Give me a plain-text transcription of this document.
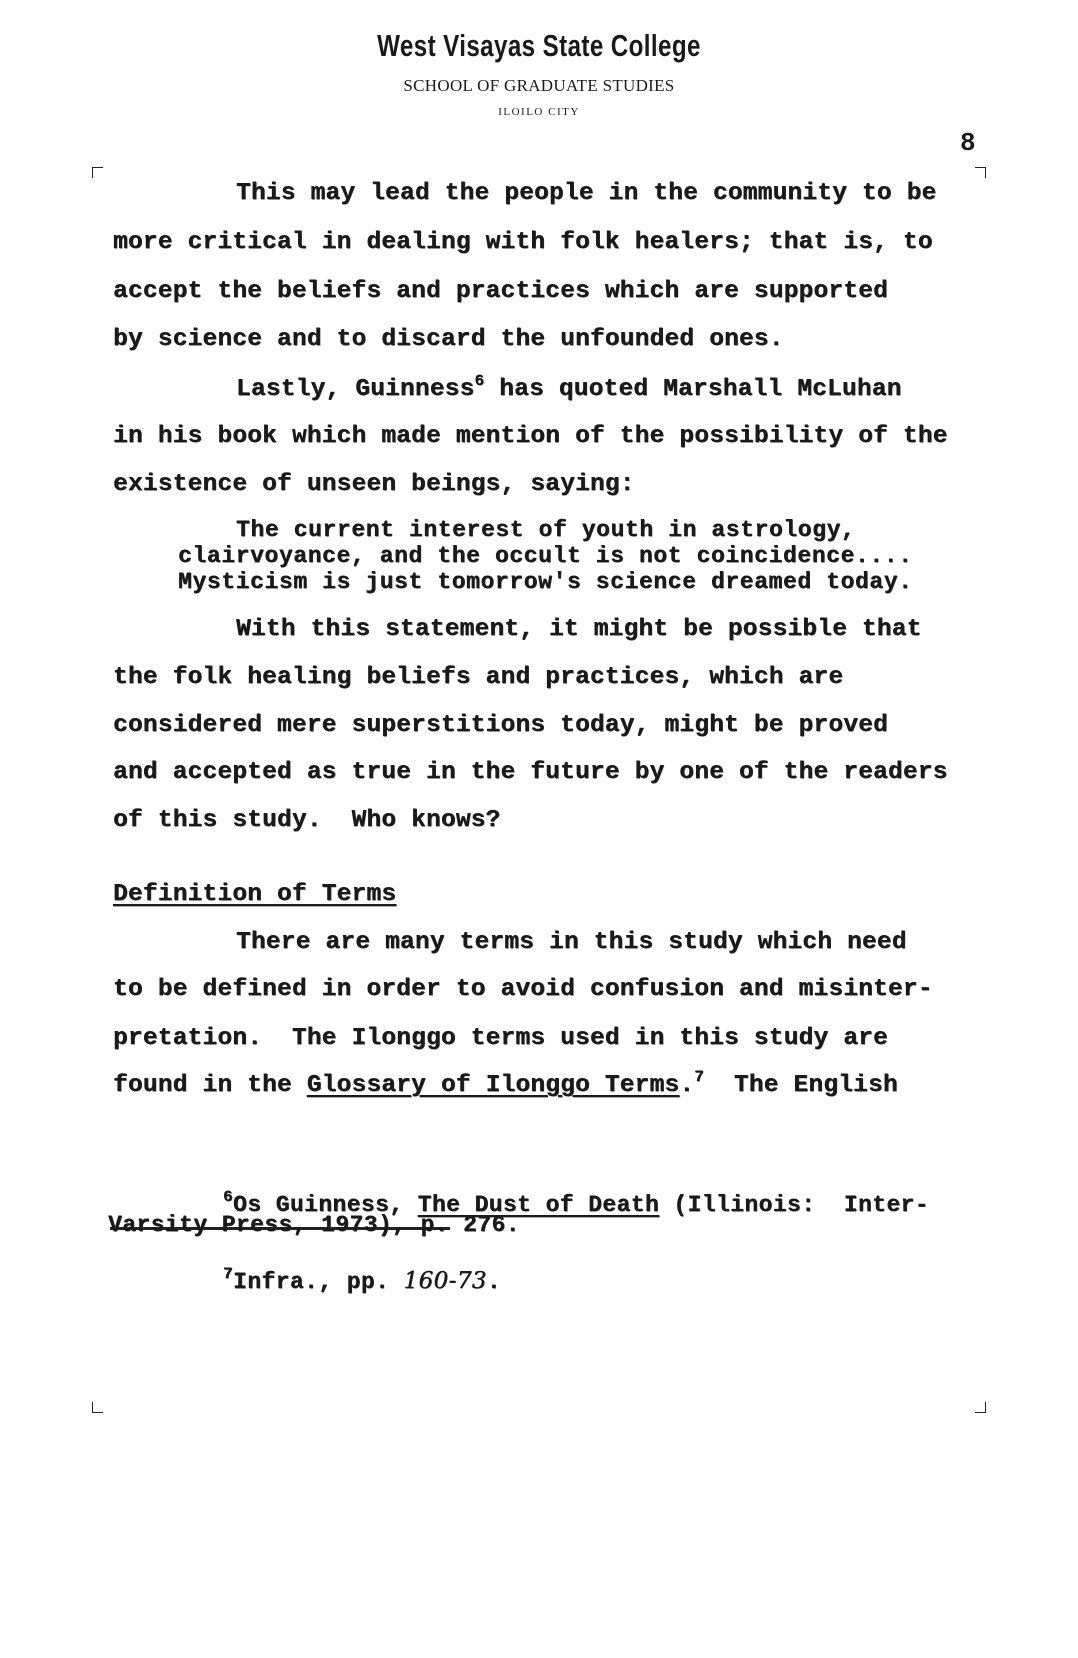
West Visayas State College
SCHOOL OF GRADUATE STUDIES
ILOILO CITY
8
This may lead the people in the community to be
more critical in dealing with folk healers; that is, to
accept the beliefs and practices which are supported
by science and to discard the unfounded ones.
Lastly, Guinness$^6$ has quoted Marshall McLuhan
in his book which made mention of the possibility of the
existence of unseen beings, saying:
The current interest of youth in astrology,
clairvoyance, and the occult is not coincidence....
Mysticism is just tomorrow's science dreamed today.
With this statement, it might be possible that
the folk healing beliefs and practices, which are
considered mere superstitions today, might be proved
and accepted as true in the future by one of the readers
of this study.  Who knows?
Definition of Terms
There are many terms in this study which need
to be defined in order to avoid confusion and misinter-
pretation.  The Ilonggo terms used in this study are
found in the Glossary of Ilonggo Terms.$^7$  The English
$^6$Os Guinness, The Dust of Death (Illinois:  Inter-
Varsity Press, 1973), p. 276.
$^7$Infra., pp. 160-73.
